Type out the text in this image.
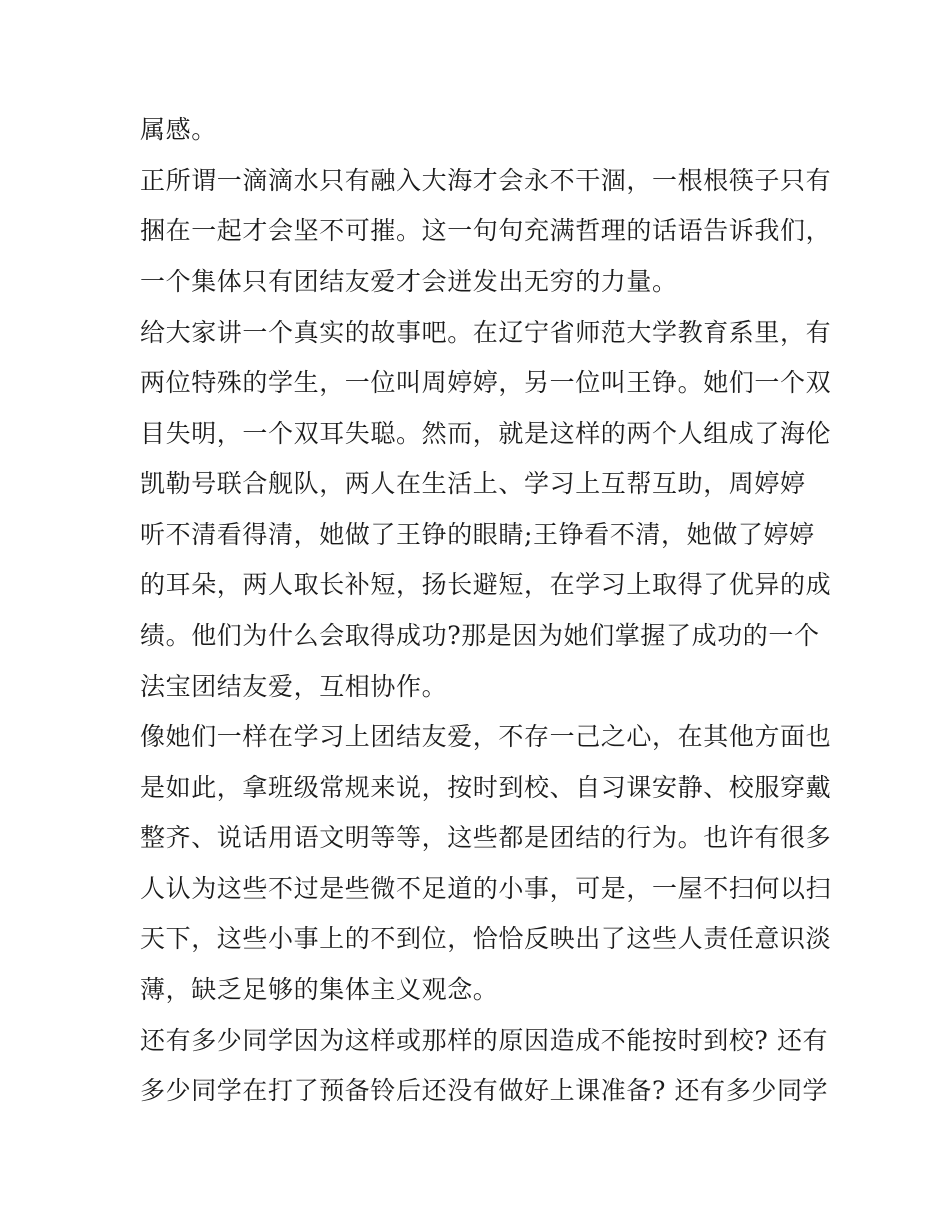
属感。
正所谓一滴滴水只有融入大海才会永不干涸，一根根筷子只有
捆在一起才会坚不可摧。这一句句充满哲理的话语告诉我们，
一个集体只有团结友爱才会迸发出无穷的力量。
给大家讲一个真实的故事吧。在辽宁省师范大学教育系里，有
两位特殊的学生，一位叫周婷婷，另一位叫王铮。她们一个双
目失明，一个双耳失聪。然而，就是这样的两个人组成了海伦
凯勒号联合舰队，两人在生活上、学习上互帮互助，周婷婷
听不清看得清，她做了王铮的眼睛;王铮看不清，她做了婷婷
的耳朵，两人取长补短，扬长避短，在学习上取得了优异的成
绩。他们为什么会取得成功?那是因为她们掌握了成功的一个
法宝团结友爱，互相协作。
像她们一样在学习上团结友爱，不存一己之心，在其他方面也
是如此，拿班级常规来说，按时到校、自习课安静、校服穿戴
整齐、说话用语文明等等，这些都是团结的行为。也许有很多
人认为这些不过是些微不足道的小事，可是，一屋不扫何以扫
天下，这些小事上的不到位，恰恰反映出了这些人责任意识淡
薄，缺乏足够的集体主义观念。
还有多少同学因为这样或那样的原因造成不能按时到校? 还有
多少同学在打了预备铃后还没有做好上课准备? 还有多少同学
